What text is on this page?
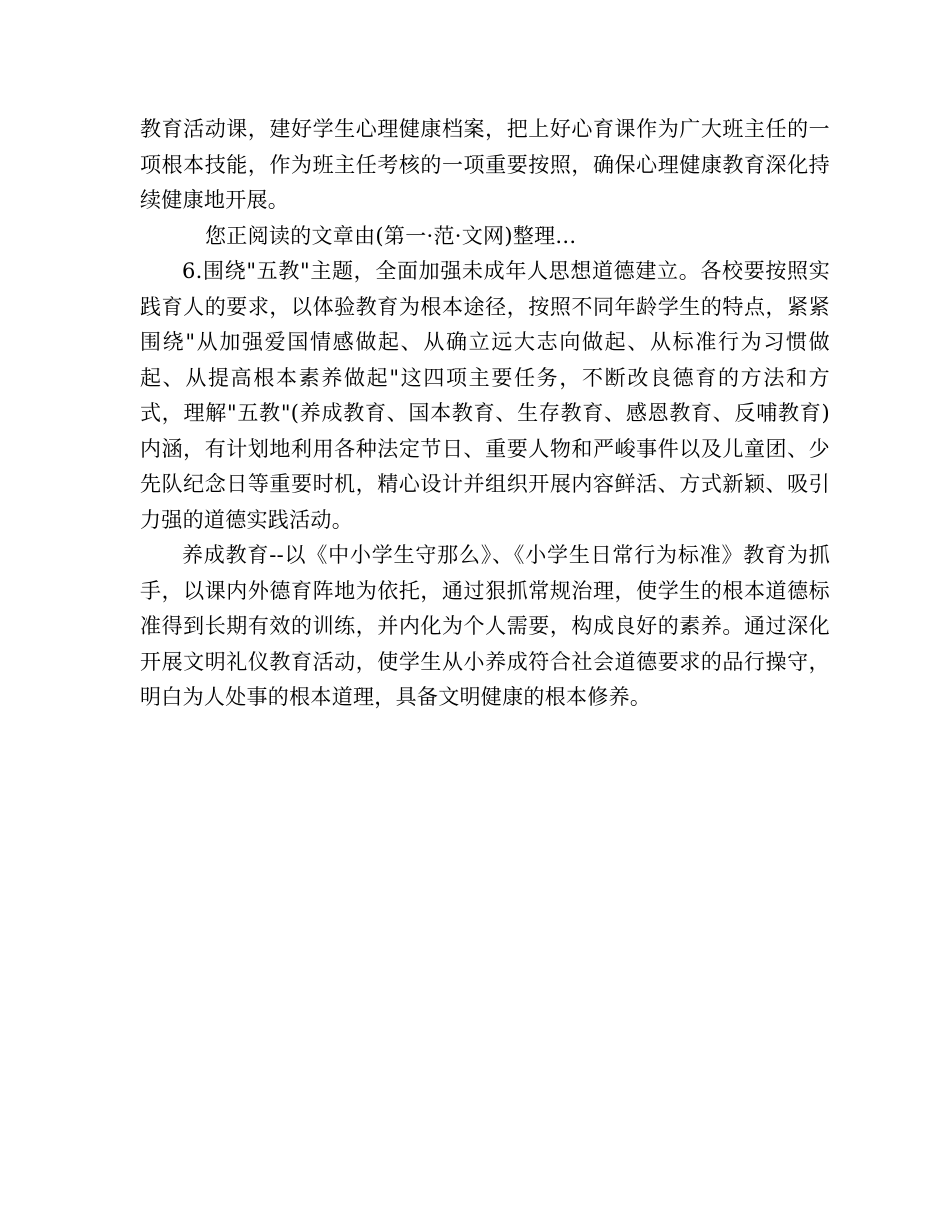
教育活动课，建好学生心理健康档案，把上好心育课作为广大班主任的一项根本技能，作为班主任考核的一项重要按照，确保心理健康教育深化持续健康地开展。

您正阅读的文章由(第一·范·文网)整理...

6.围绕"五教"主题，全面加强未成年人思想道德建立。各校要按照实践育人的要求，以体验教育为根本途径，按照不同年龄学生的特点，紧紧围绕"从加强爱国情感做起、从确立远大志向做起、从标准行为习惯做起、从提高根本素养做起"这四项主要任务，不断改良德育的方法和方式，理解"五教"(养成教育、国本教育、生存教育、感恩教育、反哺教育)内涵，有计划地利用各种法定节日、重要人物和严峻事件以及儿童团、少先队纪念日等重要时机，精心设计并组织开展内容鲜活、方式新颖、吸引力强的道德实践活动。

养成教育--以《中小学生守那么》、《小学生日常行为标准》教育为抓手，以课内外德育阵地为依托，通过狠抓常规治理，使学生的根本道德标准得到长期有效的训练，并内化为个人需要，构成良好的素养。通过深化开展文明礼仪教育活动，使学生从小养成符合社会道德要求的品行操守，明白为人处事的根本道理，具备文明健康的根本修养。
